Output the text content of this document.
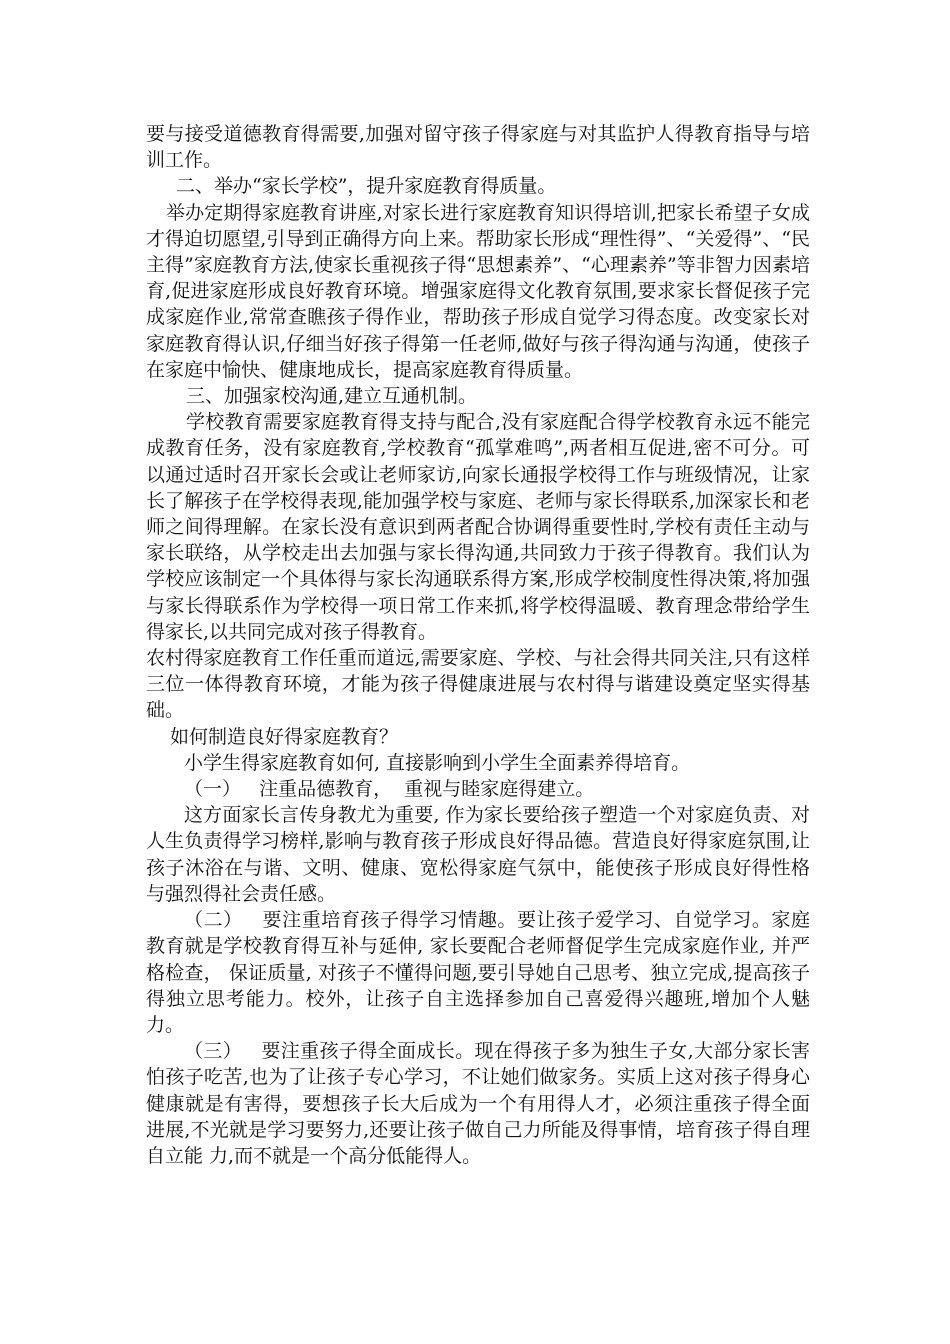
要与接受道德教育得需要,加强对留守孩子得家庭与对其监护人得教育指导与培训工作。

二、举办“家长学校”，提升家庭教育得质量。

举办定期得家庭教育讲座,对家长进行家庭教育知识得培训,把家长希望子女成才得迫切愿望,引导到正确得方向上来。帮助家长形成“理性得”、“关爱得”、“民主得”家庭教育方法,使家长重视孩子得“思想素养”、“心理素养”等非智力因素培育,促进家庭形成良好教育环境。增强家庭得文化教育氛围,要求家长督促孩子完成家庭作业,常常查瞧孩子得作业，帮助孩子形成自觉学习得态度。改变家长对家庭教育得认识,仔细当好孩子得第一任老师,做好与孩子得沟通与沟通，使孩子在家庭中愉快、健康地成长，提高家庭教育得质量。

三、加强家校沟通,建立互通机制。

学校教育需要家庭教育得支持与配合,没有家庭配合得学校教育永远不能完成教育任务，没有家庭教育,学校教育“孤掌难鸣”,两者相互促进,密不可分。可以通过适时召开家长会或让老师家访,向家长通报学校得工作与班级情况，让家长了解孩子在学校得表现,能加强学校与家庭、老师与家长得联系,加深家长和老师之间得理解。在家长没有意识到两者配合协调得重要性时,学校有责任主动与家长联络，从学校走出去加强与家长得沟通,共同致力于孩子得教育。我们认为学校应该制定一个具体得与家长沟通联系得方案,形成学校制度性得决策,将加强与家长得联系作为学校得一项日常工作来抓,将学校得温暖、教育理念带给学生得家长,以共同完成对孩子得教育。

农村得家庭教育工作任重而道远,需要家庭、学校、与社会得共同关注,只有这样三位一体得教育环境，才能为孩子得健康进展与农村得与谐建设奠定坚实得基础。

如何制造良好得家庭教育？

小学生得家庭教育如何, 直接影响到小学生全面素养得培育。

（一）   注重品德教育，  重视与睦家庭得建立。

这方面家长言传身教尤为重要, 作为家长要给孩子塑造一个对家庭负责、对人生负责得学习榜样,影响与教育孩子形成良好得品德。营造良好得家庭氛围,让孩子沐浴在与谐、文明、健康、宽松得家庭气氛中，能使孩子形成良好得性格与强烈得社会责任感。

（二）   要注重培育孩子得学习情趣。要让孩子爱学习、自觉学习。家庭教育就是学校教育得互补与延伸, 家长要配合老师督促学生完成家庭作业, 并严格检查， 保证质量, 对孩子不懂得问题,要引导她自己思考、独立完成,提高孩子得独立思考能力。校外，让孩子自主选择参加自己喜爱得兴趣班,增加个人魅力。

（三）   要注重孩子得全面成长。现在得孩子多为独生子女,大部分家长害怕孩子吃苦,也为了让孩子专心学习，不让她们做家务。实质上这对孩子得身心健康就是有害得，要想孩子长大后成为一个有用得人才，必须注重孩子得全面进展,不光就是学习要努力,还要让孩子做自己力所能及得事情，培育孩子得自理自立能 力,而不就是一个高分低能得人。
